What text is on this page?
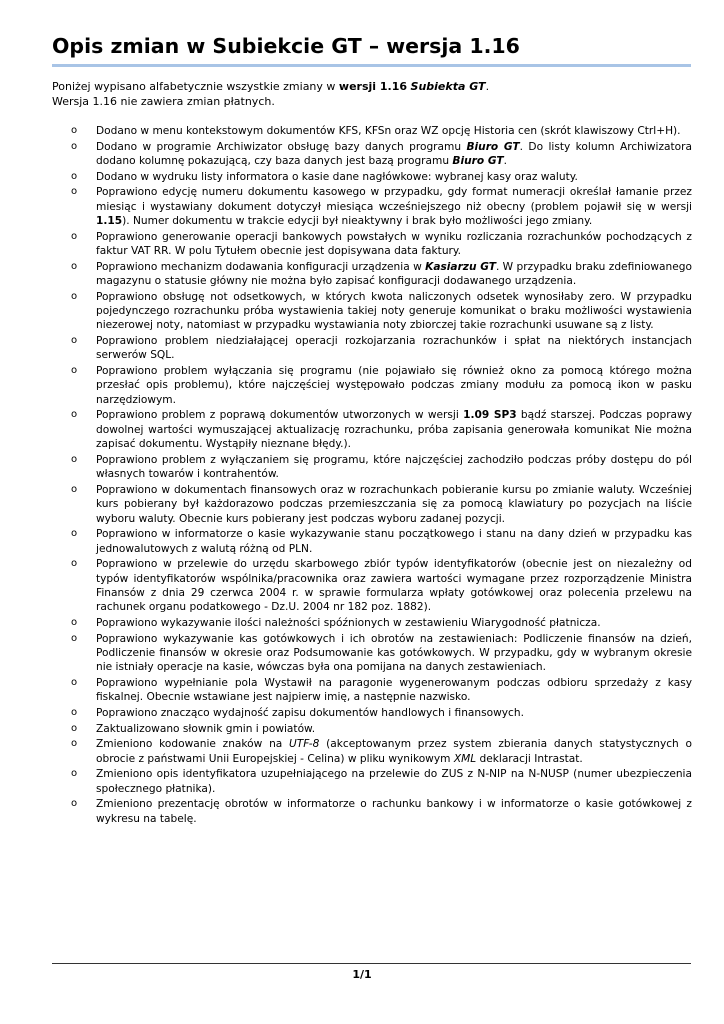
Opis zmian w Subiekcie GT – wersja 1.16

Poniżej wypisano alfabetycznie wszystkie zmiany w wersji 1.16 Subiekta GT.

Wersja 1.16 nie zawiera zmian płatnych.

o Dodano w menu kontekstowym dokumentów KFS, KFSn oraz WZ opcję Historia cen (skrót klawiszowy Ctrl+H).
o Dodano w programie Archiwizator obsługę bazy danych programu Biuro GT. Do listy kolumn Archiwizatora dodano kolumnę pokazującą, czy baza danych jest bazą programu Biuro GT.
o Dodano w wydruku listy informatora o kasie dane nagłówkowe: wybranej kasy oraz waluty.
o Poprawiono edycję numeru dokumentu kasowego w przypadku, gdy format numeracji określał łamanie przez miesiąc i wystawiany dokument dotyczył miesiąca wcześniejszego niż obecny (problem pojawił się w wersji 1.15). Numer dokumentu w trakcie edycji był nieaktywny i brak było możliwości jego zmiany.
o Poprawiono generowanie operacji bankowych powstałych w wyniku rozliczania rozrachunków pochodzących z faktur VAT RR. W polu Tytułem obecnie jest dopisywana data faktury.
o Poprawiono mechanizm dodawania konfiguracji urządzenia w Kasiarzu GT. W przypadku braku zdefiniowanego magazynu o statusie główny nie można było zapisać konfiguracji dodawanego urządzenia.
o Poprawiono obsługę not odsetkowych, w których kwota naliczonych odsetek wynosiłaby zero. W przypadku pojedynczego rozrachunku próba wystawienia takiej noty generuje komunikat o braku możliwości wystawienia niezerowej noty, natomiast w przypadku wystawiania noty zbiorczej takie rozrachunki usuwane są z listy.
o Poprawiono problem niedziałającej operacji rozkojarzania rozrachunków i spłat na niektórych instancjach serwerów SQL.
o Poprawiono problem wyłączania się programu (nie pojawiało się również okno za pomocą którego można przesłać opis problemu), które najczęściej występowało podczas zmiany modułu za pomocą ikon w pasku narzędziowym.
o Poprawiono problem z poprawą dokumentów utworzonych w wersji 1.09 SP3 bądź starszej. Podczas poprawy dowolnej wartości wymuszającej aktualizację rozrachunku, próba zapisania generowała komunikat Nie można zapisać dokumentu. Wystąpiły nieznane błędy.).
o Poprawiono problem z wyłączaniem się programu, które najczęściej zachodziło podczas próby dostępu do pól własnych towarów i kontrahentów.
o Poprawiono w dokumentach finansowych oraz w rozrachunkach pobieranie kursu po zmianie waluty. Wcześniej kurs pobierany był każdorazowo podczas przemieszczania się za pomocą klawiatury po pozycjach na liście wyboru waluty. Obecnie kurs pobierany jest podczas wyboru zadanej pozycji.
o Poprawiono w informatorze o kasie wykazywanie stanu początkowego i stanu na dany dzień w przypadku kas jednowalutowych z walutą różną od PLN.
o Poprawiono w przelewie do urzędu skarbowego zbiór typów identyfikatorów (obecnie jest on niezależny od typów identyfikatorów wspólnika/pracownika oraz zawiera wartości wymagane przez rozporządzenie Ministra Finansów z dnia 29 czerwca 2004 r. w sprawie formularza wpłaty gotówkowej oraz polecenia przelewu na rachunek organu podatkowego - Dz.U. 2004 nr 182 poz. 1882).
o Poprawiono wykazywanie ilości należności spóźnionych w zestawieniu Wiarygodność płatnicza.
o Poprawiono wykazywanie kas gotówkowych i ich obrotów na zestawieniach: Podliczenie finansów na dzień, Podliczenie finansów w okresie oraz Podsumowanie kas gotówkowych. W przypadku, gdy w wybranym okresie nie istniały operacje na kasie, wówczas była ona pomijana na danych zestawieniach.
o Poprawiono wypełnianie pola Wystawił na paragonie wygenerowanym podczas odbioru sprzedaży z kasy fiskalnej. Obecnie wstawiane jest najpierw imię, a następnie nazwisko.
o Poprawiono znacząco wydajność zapisu dokumentów handlowych i finansowych.
o Zaktualizowano słownik gmin i powiatów.
o Zmieniono kodowanie znaków na UTF-8 (akceptowanym przez system zbierania danych statystycznych o obrocie z państwami Unii Europejskiej - Celina) w pliku wynikowym XML deklaracji Intrastat.
o Zmieniono opis identyfikatora uzupełniającego na przelewie do ZUS z N-NIP na N-NUSP (numer ubezpieczenia społecznego płatnika).
o Zmieniono prezentację obrotów w informatorze o rachunku bankowy i w informatorze o kasie gotówkowej z wykresu na tabelę.
1/1
